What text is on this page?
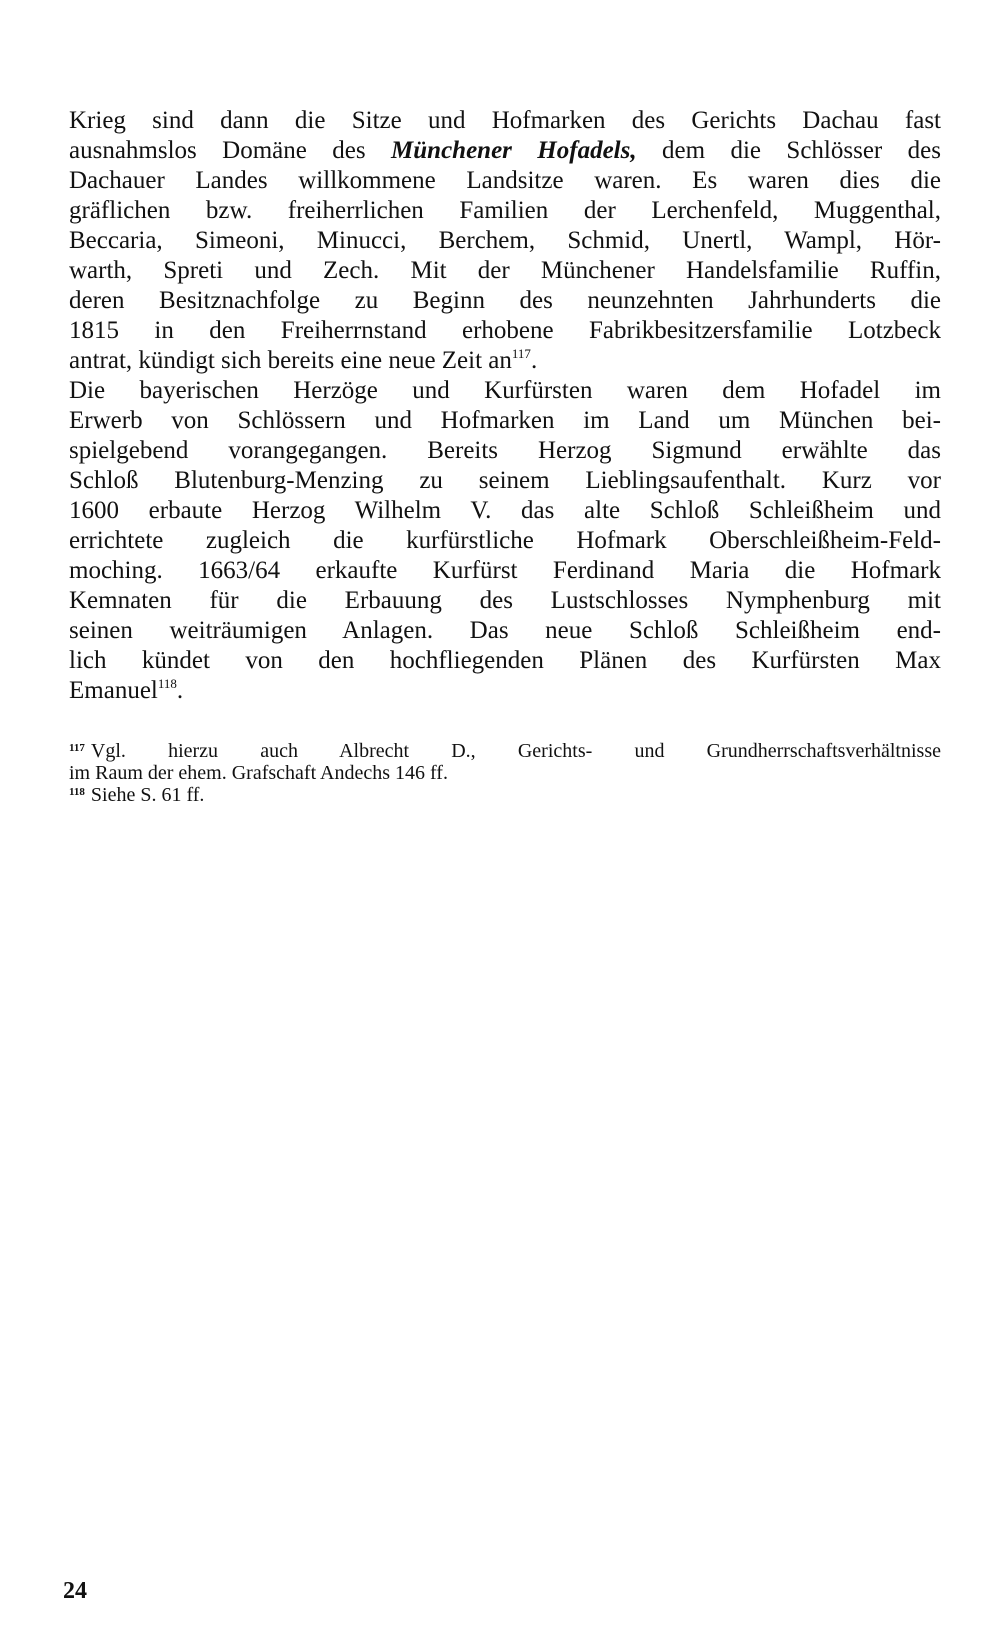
Krieg sind dann die Sitze und Hofmarken des Gerichts Dachau fast
ausnahmslos Domäne des Münchener Hofadels, dem die Schlösser des
Dachauer Landes willkommene Landsitze waren. Es waren dies die
gräflichen bzw. freiherrlichen Familien der Lerchenfeld, Muggenthal,
Beccaria, Simeoni, Minucci, Berchem, Schmid, Unertl, Wampl, Hör-
warth, Spreti und Zech. Mit der Münchener Handelsfamilie Ruffin,
deren Besitznachfolge zu Beginn des neunzehnten Jahrhunderts die
1815 in den Freiherrnstand erhobene Fabrikbesitzersfamilie Lotzbeck
antrat, kündigt sich bereits eine neue Zeit $an^{117}$.
Die bayerischen Herzöge und Kurfürsten waren dem Hofadel im
Erwerb von Schlössern und Hofmarken im Land um München bei-
spielgebend vorangegangen. Bereits Herzog Sigmund erwählte das
Schloß Blutenburg-Menzing zu seinem Lieblingsaufenthalt. Kurz vor
1600 erbaute Herzog Wilhelm V. das alte Schloß Schleißheim und
errichtete zugleich die kurfürstliche Hofmark Oberschleißheim-Feld-
moching. 1663/64 erkaufte Kurfürst Ferdinand Maria die Hofmark
Kemnaten für die Erbauung des Lustschlosses Nymphenburg mit
seinen weiträumigen Anlagen. Das neue Schloß Schleißheim end-
lich kündet von den hochfliegenden Plänen des Kurfürsten Max
Emanuel$^{118}$.
$^{117}$ Vgl. hierzu auch Albrecht D., Gerichts- und Grundherrschaftsverhältnisse
im Raum der ehem. Grafschaft Andechs 146 ff.
$^{118}$ Siehe S. 61 ff.
24
